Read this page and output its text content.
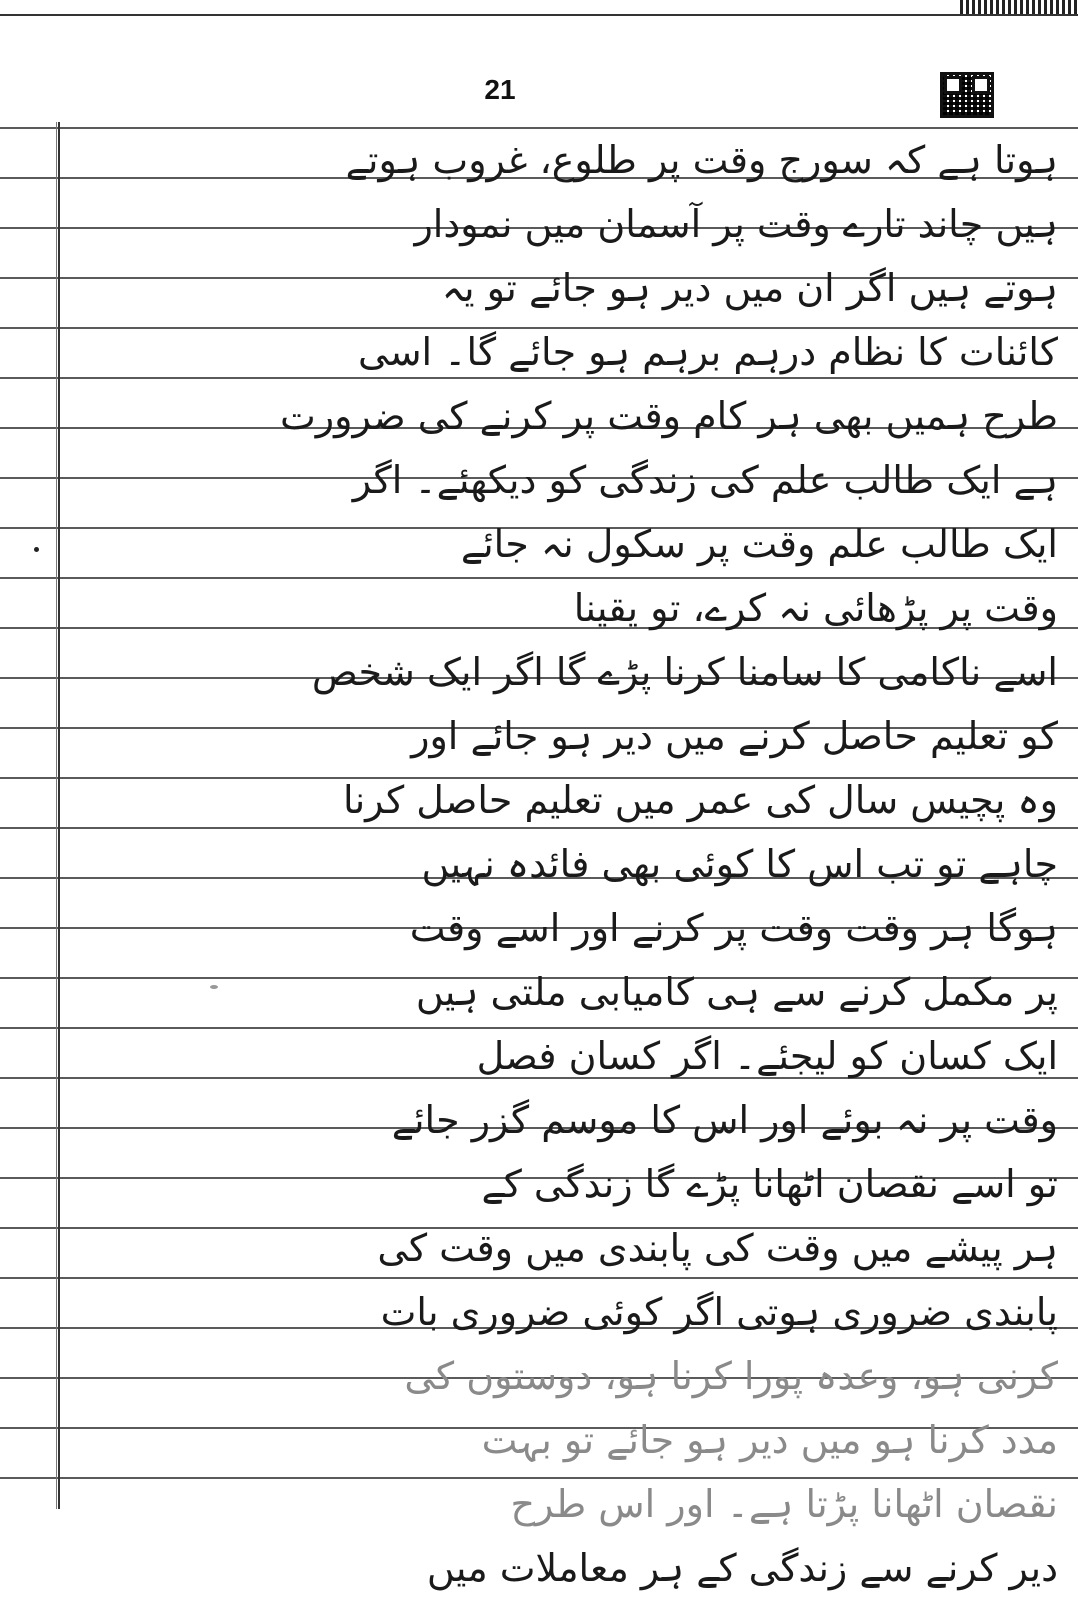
21
ہوتا ہے کہ سورج وقت پر طلوع، غروب ہوتے
ہیں چاند تارے وقت پر آسمان میں نمودار
ہوتے ہیں اگر ان میں دیر ہو جائے تو یہ
کائنات کا نظام درہم برہم ہو جائے گا۔ اسی
طرح ہمیں بھی ہر کام وقت پر کرنے کی ضرورت
ہے ایک طالب علم کی زندگی کو دیکھئے۔ اگر
ایک طالب علم وقت پر سکول نہ جائے
وقت پر پڑھائی نہ کرے، تو یقینا
اسے ناکامی کا سامنا کرنا پڑے گا اگر ایک شخص
کو تعلیم حاصل کرنے میں دیر ہو جائے اور
وہ پچیس سال کی عمر میں تعلیم حاصل کرنا
چاہے تو تب اس کا کوئی بھی فائدہ نہیں
ہوگا ہر وقت وقت پر کرنے اور اسے وقت
پر مکمل کرنے سے ہی کامیابی ملتی ہیں
ایک کسان کو لیجئے۔ اگر کسان فصل
وقت پر نہ بوئے اور اس کا موسم گزر جائے
تو اسے نقصان اٹھانا پڑے گا زندگی کے
ہر پیشے میں وقت کی پابندی میں وقت کی
پابندی ضروری ہوتی اگر کوئی ضروری بات
کرنی ہو، وعدہ پورا کرنا ہو، دوستوں کی
مدد کرنا ہو میں دیر ہو جائے تو بہت
نقصان اٹھانا پڑتا ہے۔ اور اس طرح
دیر کرنے سے زندگی کے ہر معاملات میں
